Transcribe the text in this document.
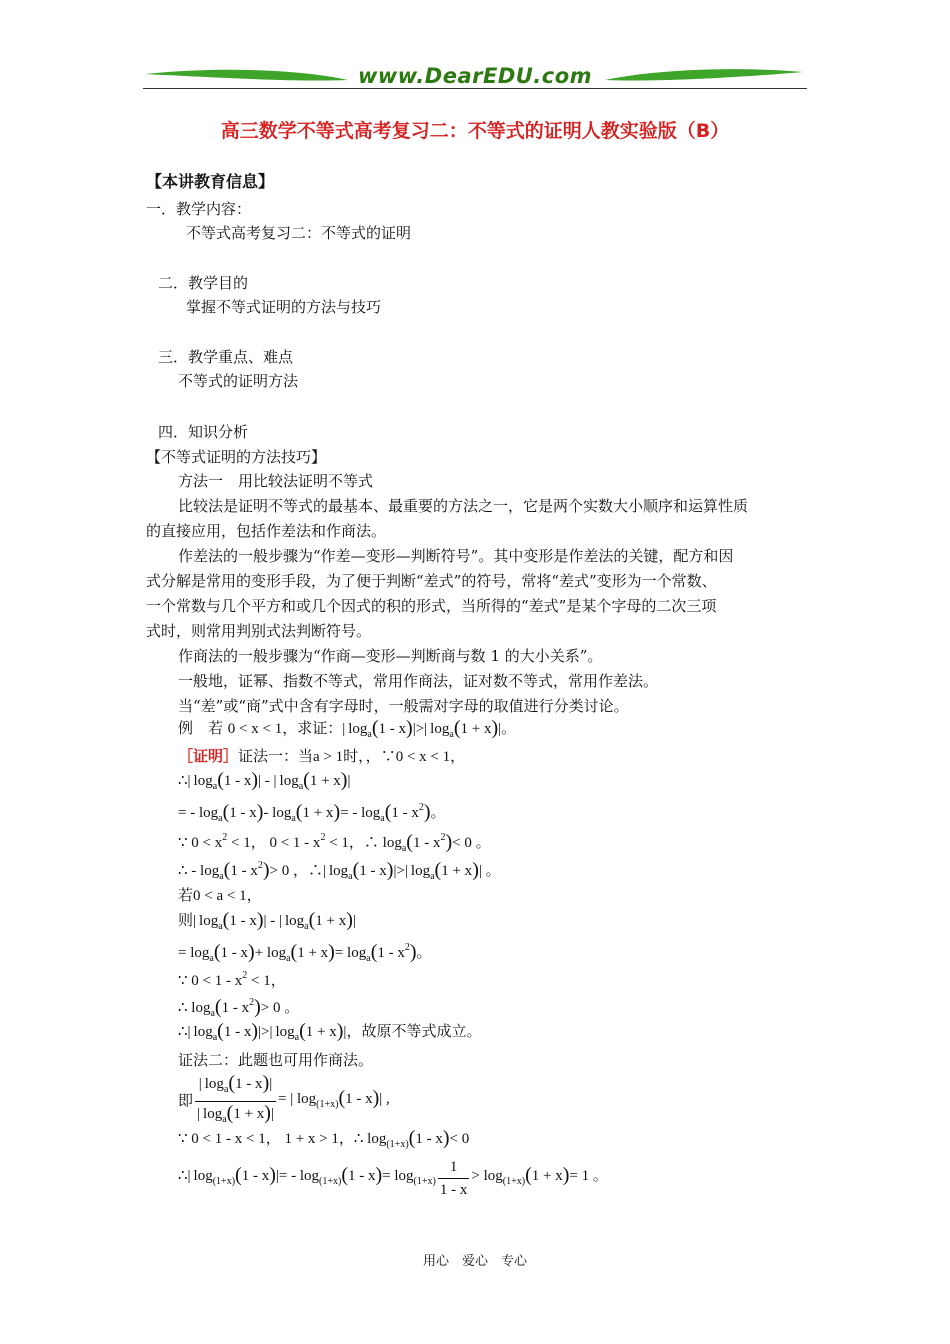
www.DearEDU.com
高三数学不等式高考复习二：不等式的证明人教实验版（B）
【本讲教育信息】
一．教学内容：
不等式高考复习二：不等式的证明
二．教学目的
掌握不等式证明的方法与技巧
三．教学重点、难点
不等式的证明方法
四．知识分析
【不等式证明的方法技巧】
方法一　用比较法证明不等式
比较法是证明不等式的最基本、最重要的方法之一，它是两个实数大小顺序和运算性质
的直接应用，包括作差法和作商法。
作差法的一般步骤为“作差—变形—判断符号”。其中变形是作差法的关键，配方和因
式分解是常用的变形手段，为了便于判断“差式”的符号，常将“差式”变形为一个常数、
一个常数与几个平方和或几个因式的积的形式，当所得的“差式”是某个字母的二次三项
式时，则常用判别式法判断符号。
作商法的一般步骤为“作商—变形—判断商与数 1 的大小关系”。
一般地，证幂、指数不等式，常用作商法，证对数不等式，常用作差法。
当“差”或“商”式中含有字母时，一般需对字母的取值进行分类讨论。
例　若 0 < x < 1，求证：| $\log_a(1 - x)|>|$ $\log_a(1 + x)|$。
［证明］证法一：当a > 1时，，∵0 < x < 1，
∴| $\log_a(1 - x)|$ - | $\log_a(1 + x)|$
= - $\log_a(1 - x)-$ $\log_a(1 + x)= - \log_a(1 - x^2)$。
∵ $0 < x^2 < 1$， $0 < 1 - x^2 < 1$，∴ $\log_a(1 - x^2)< 0$ 。
∴ - $\log_a(1 - x^2)> 0$ ，∴| $\log_a(1 - x)|>|$ $\log_a(1 + x)|$ 。
若0 < a < 1，
则| $\log_a(1 - x)|$ - | $\log_a(1 + x)|$
= $\log_a(1 - x)+ \log_a(1 + x)= \log_a(1 - x^2)$。
∵ $0 < 1 - x^2 < 1$，
∴ $\log_a(1 - x^2)> 0$ 。
∴| $\log_a(1 - x)|>|$ $\log_a(1 + x)|$，故原不等式成立。
证法二：此题也可用作商法。
即 $\frac{| \log_a(1 - x)|}{| \log_a(1 + x)|}$ = | $\log_{(1+x)}(1 - x)|$ ,
∵ 0 < 1 - x < 1， 1 + x > 1，∴ $\log_{(1+x)}(1 - x)< 0$
∴| $\log_{(1+x)}(1 - x)|= - \log_{(1+x)}(1 - x)= \log_{(1+x)} \frac{1}{1 - x} > \log_{(1+x)}(1 + x)= 1$ 。
用心　爱心　专心
